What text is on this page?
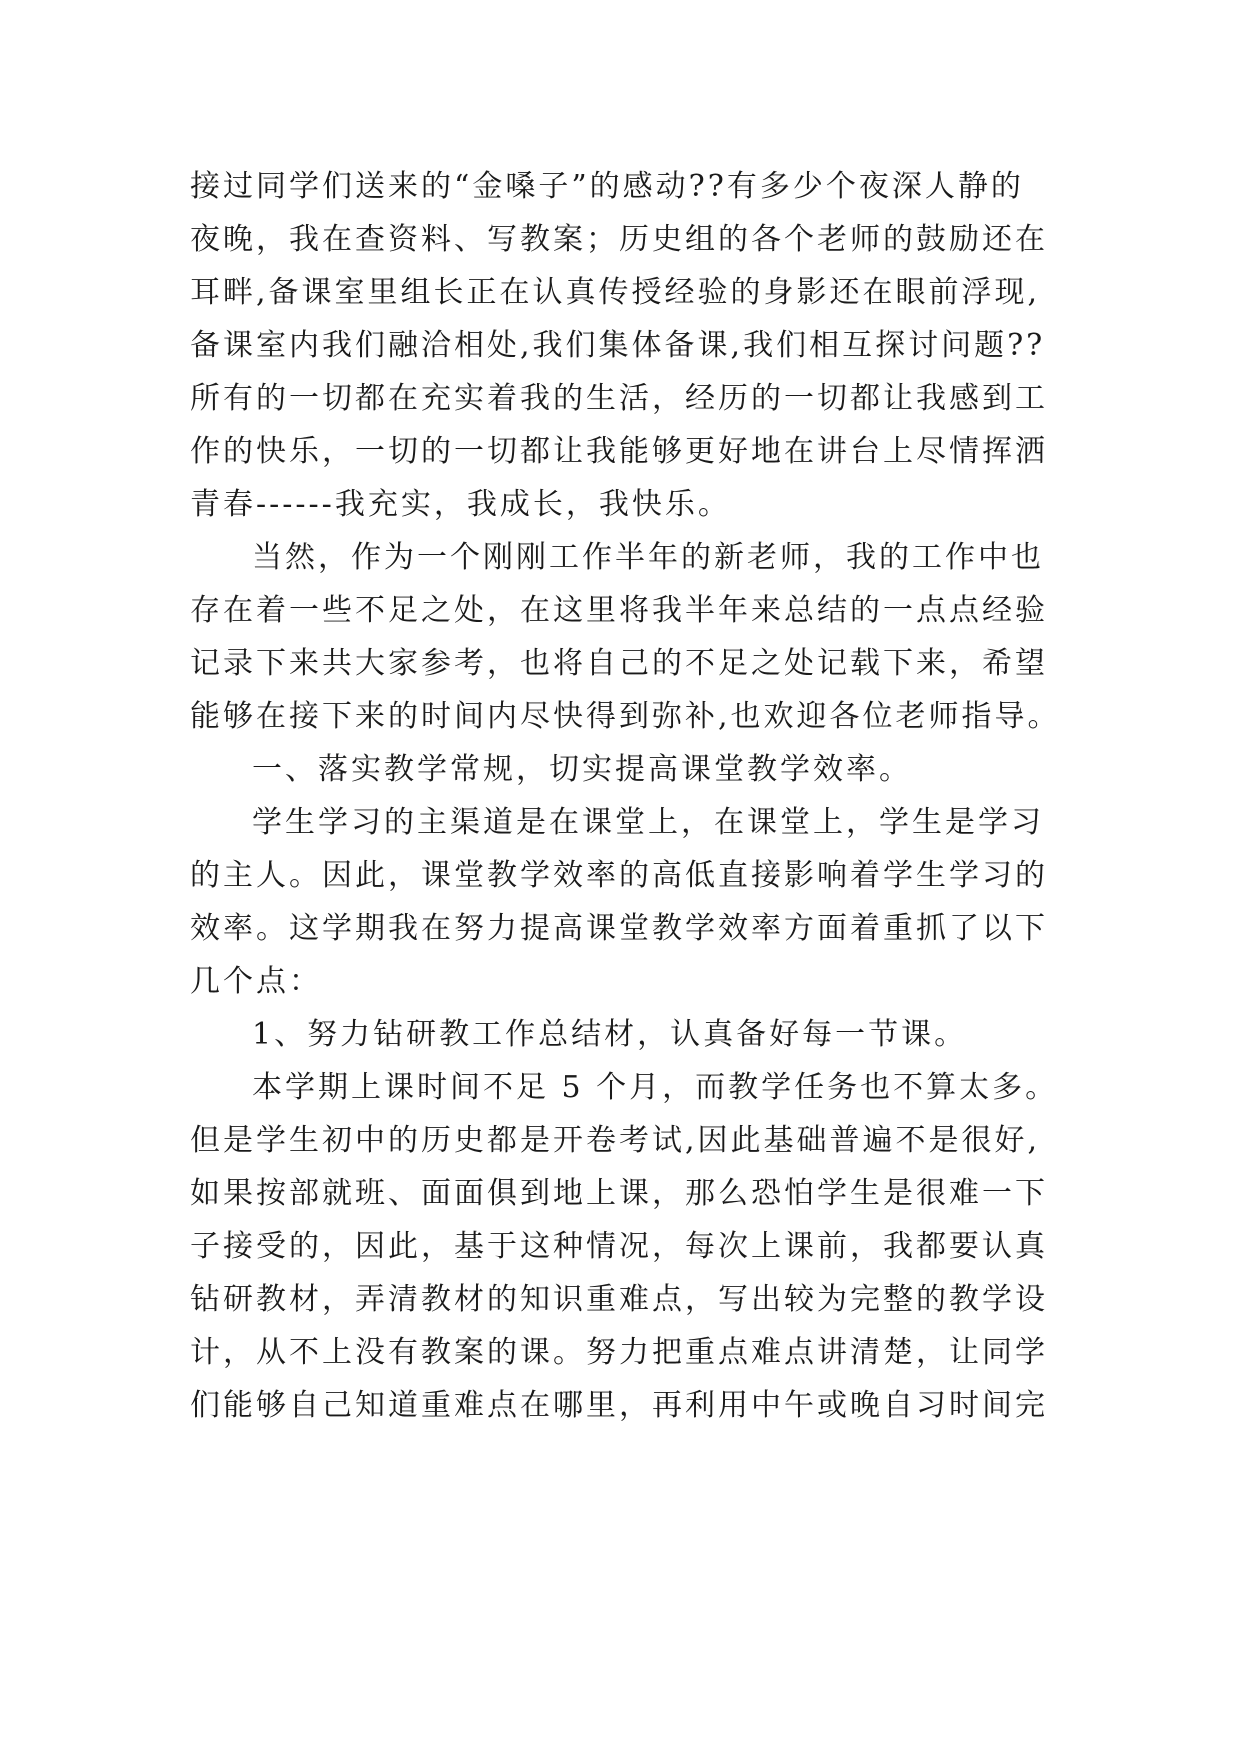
接过同学们送来的“金嗓子”的感动??有多少个夜深人静的
夜晚，我在查资料、写教案；历史组的各个老师的鼓励还在
耳畔,备课室里组长正在认真传授经验的身影还在眼前浮现,
备课室内我们融洽相处,我们集体备课,我们相互探讨问题??
所有的一切都在充实着我的生活，经历的一切都让我感到工
作的快乐，一切的一切都让我能够更好地在讲台上尽情挥洒
青春------我充实，我成长，我快乐。
当然，作为一个刚刚工作半年的新老师，我的工作中也
存在着一些不足之处，在这里将我半年来总结的一点点经验
记录下来共大家参考，也将自己的不足之处记载下来，希望
能够在接下来的时间内尽快得到弥补,也欢迎各位老师指导。
一、落实教学常规，切实提高课堂教学效率。
学生学习的主渠道是在课堂上，在课堂上，学生是学习
的主人。因此，课堂教学效率的高低直接影响着学生学习的
效率。这学期我在努力提高课堂教学效率方面着重抓了以下
几个点：
1、努力钻研教工作总结材，认真备好每一节课。
本学期上课时间不足 5 个月，而教学任务也不算太多。
但是学生初中的历史都是开卷考试,因此基础普遍不是很好,
如果按部就班、面面俱到地上课，那么恐怕学生是很难一下
子接受的，因此，基于这种情况，每次上课前，我都要认真
钻研教材，弄清教材的知识重难点，写出较为完整的教学设
计，从不上没有教案的课。努力把重点难点讲清楚，让同学
们能够自己知道重难点在哪里，再利用中午或晚自习时间完
